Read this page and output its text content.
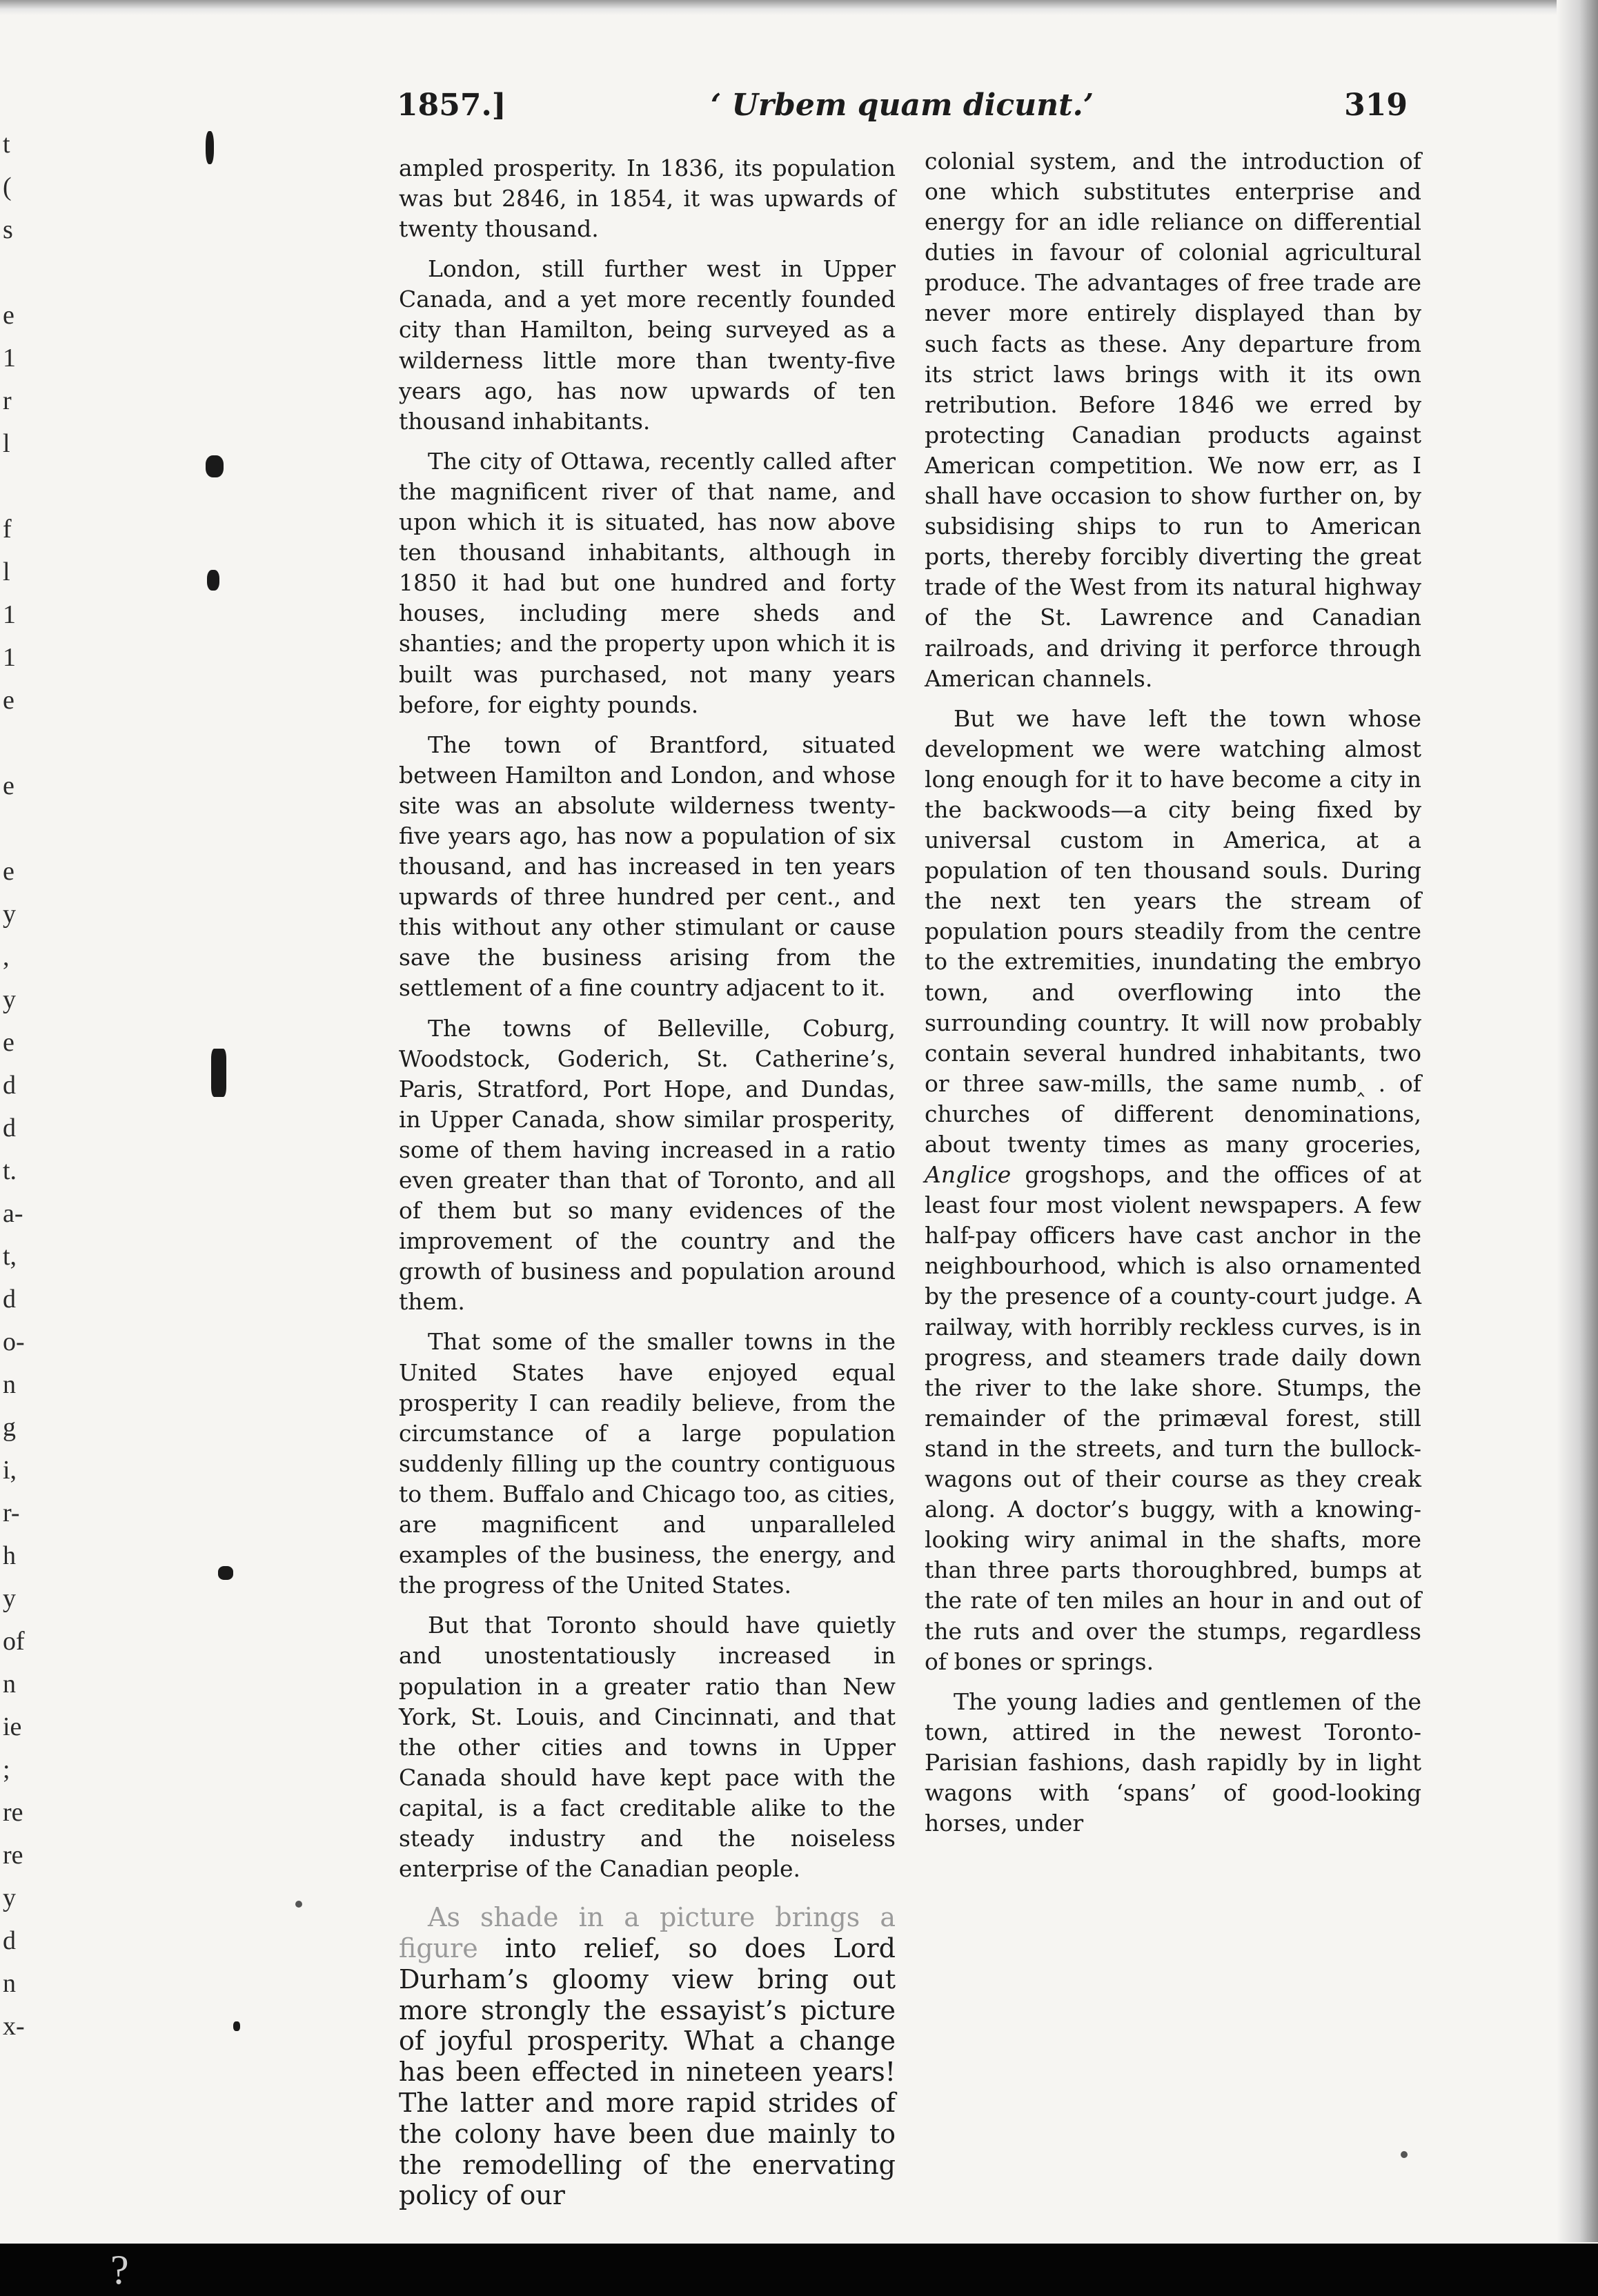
t
(
s
e
1
r
l
f
l
1
1
e
e
e
y
,
y
e
d
d
t.
a-
t,
d
o-
n
g
i,
r-
h
y
of
n
ie
;
re
re
y
d
n
x-
1857.]	‘ Urbem quam dicunt.’	319

ampled prosperity. In 1836, its population was but 2846, in 1854, it was upwards of twenty thousand.

London, still further west in Upper Canada, and a yet more recently founded city than Hamilton, being surveyed as a wilderness little more than twenty-five years ago, has now upwards of ten thousand inhabitants.

The city of Ottawa, recently called after the magnificent river of that name, and upon which it is situated, has now above ten thousand inhabitants, although in 1850 it had but one hundred and forty houses, including mere sheds and shanties; and the property upon which it is built was purchased, not many years before, for eighty pounds.

The town of Brantford, situated between Hamilton and London, and whose site was an absolute wilderness twenty-five years ago, has now a population of six thousand, and has increased in ten years upwards of three hundred per cent., and this without any other stimulant or cause save the business arising from the settlement of a fine country adjacent to it.

The towns of Belleville, Coburg, Woodstock, Goderich, St. Catherine’s, Paris, Stratford, Port Hope, and Dundas, in Upper Canada, show similar prosperity, some of them having increased in a ratio even greater than that of Toronto, and all of them but so many evidences of the improvement of the country and the growth of business and population around them.

That some of the smaller towns in the United States have enjoyed equal prosperity I can readily believe, from the circumstance of a large population suddenly filling up the country contiguous to them. Buffalo and Chicago too, as cities, are magnificent and unparalleled examples of the business, the energy, and the progress of the United States.

But that Toronto should have quietly and unostentatiously increased in population in a greater ratio than New York, St. Louis, and Cincinnati, and that the other cities and towns in Upper Canada should have kept pace with the capital, is a fact creditable alike to the steady industry and the noiseless enterprise of the Canadian people.

As shade in a picture brings a figure into relief, so does Lord Durham’s gloomy view bring out more strongly the essayist’s picture of joyful prosperity. What a change has been effected in nineteen years! The latter and more rapid strides of the colony have been due mainly to the remodelling of the enervating policy of our

colonial system, and the introduction of one which substitutes enterprise and energy for an idle reliance on differential duties in favour of colonial agricultural produce. The advantages of free trade are never more entirely displayed than by such facts as these. Any departure from its strict laws brings with it its own retribution. Before 1846 we erred by protecting Canadian products against American competition. We now err, as I shall have occasion to show further on, by subsidising ships to run to American ports, thereby forcibly diverting the great trade of the West from its natural highway of the St. Lawrence and Canadian railroads, and driving it perforce through American channels.

But we have left the town whose development we were watching almost long enough for it to have become a city in the backwoods—a city being fixed by universal custom in America, at a population of ten thousand souls. During the next ten years the stream of population pours steadily from the centre to the extremities, inundating the embryo town, and overflowing into the surrounding country. It will now probably contain several hundred inhabitants, two or three saw-mills, the same numb‸ . of churches of different denominations, about twenty times as many groceries, Anglice grogshops, and the offices of at least four most violent newspapers. A few half-pay officers have cast anchor in the neighbourhood, which is also ornamented by the presence of a county-court judge. A railway, with horribly reckless curves, is in progress, and steamers trade daily down the river to the lake shore. Stumps, the remainder of the primæval forest, still stand in the streets, and turn the bullock-wagons out of their course as they creak along. A doctor’s buggy, with a knowing-looking wiry animal in the shafts, more than three parts thoroughbred, bumps at the rate of ten miles an hour in and out of the ruts and over the stumps, regardless of bones or springs.

The young ladies and gentlemen of the town, attired in the newest Toronto-Parisian fashions, dash rapidly by in light wagons with ‘spans’ of good-looking horses, under

?
